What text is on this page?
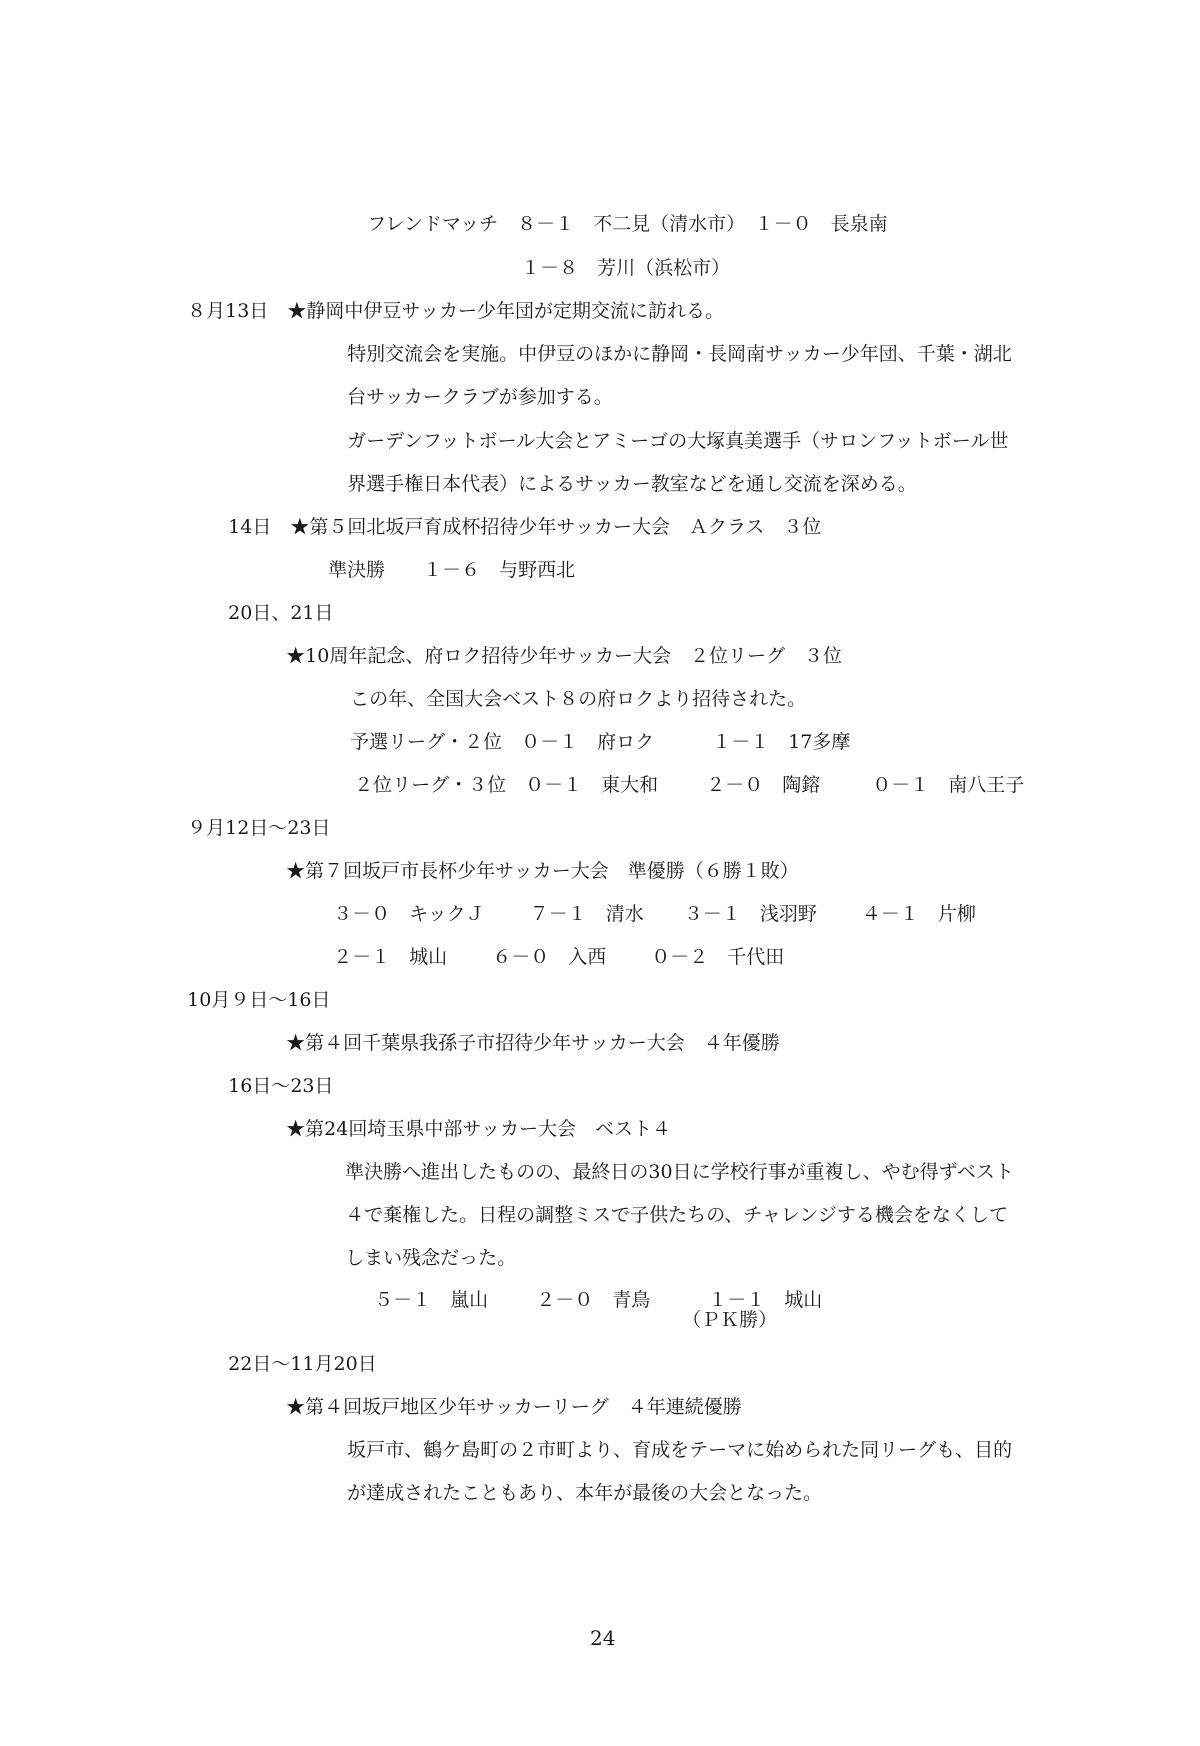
フレンドマッチ　８－１　不二見（清水市）　１－０　長泉南

１－８　芳川（浜松市）

８月13日　★静岡中伊豆サッカー少年団が定期交流に訪れる。

特別交流会を実施。中伊豆のほかに静岡・長岡南サッカー少年団、千葉・湖北

台サッカークラブが参加する。

ガーデンフットボール大会とアミーゴの大塚真美選手（サロンフットボール世

界選手権日本代表）によるサッカー教室などを通し交流を深める。

14日　★第５回北坂戸育成杯招待少年サッカー大会　Ａクラス　３位

準決勝　　１－６　与野西北

20日、21日

★10周年記念、府ロク招待少年サッカー大会　２位リーグ　３位

この年、全国大会ベスト８の府ロクより招待された。

予選リーグ・２位　０－１　府ロク	１－１　17多摩

２位リーグ・３位　０－１　東大和	２－０　陶鎔	０－１　南八王子

９月12日～23日

★第７回坂戸市長杯少年サッカー大会　準優勝（６勝１敗）

３－０　キックＪ ７－１　清水 ３－１　浅羽野 ４－１　片柳

２－１　城山 ６－０　入西 ０－２　千代田

10月９日～16日

★第４回千葉県我孫子市招待少年サッカー大会　４年優勝

16日～23日

★第24回埼玉県中部サッカー大会　ベスト４

準決勝へ進出したものの、最終日の30日に学校行事が重複し、やむ得ずベスト

４で棄権した。日程の調整ミスで子供たちの、チャレンジする機会をなくして

しまい残念だった。

５－１　嵐山	２－０　青鳥	１－１　城山

（ＰＫ勝）

22日～11月20日

★第４回坂戸地区少年サッカーリーグ　４年連続優勝

坂戸市、鶴ケ島町の２市町より、育成をテーマに始められた同リーグも、目的

が達成されたこともあり、本年が最後の大会となった。

24
